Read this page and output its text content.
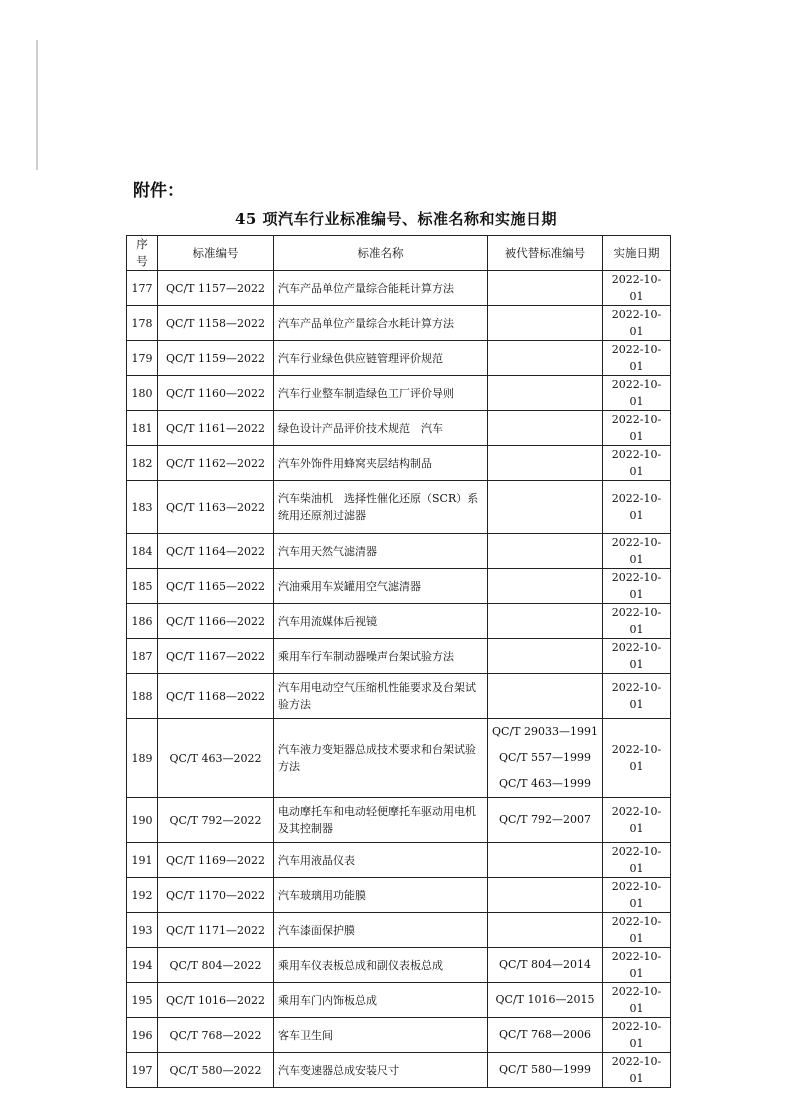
附件：
45 项汽车行业标准编号、标准名称和实施日期
序号	标准编号	标准名称	被代替标准编号	实施日期
177	QC/T 1157—2022	汽车产品单位产量综合能耗计算方法		2022-10-01
178	QC/T 1158—2022	汽车产品单位产量综合水耗计算方法		2022-10-01
179	QC/T 1159—2022	汽车行业绿色供应链管理评价规范		2022-10-01
180	QC/T 1160—2022	汽车行业整车制造绿色工厂评价导则		2022-10-01
181	QC/T 1161—2022	绿色设计产品评价技术规范　汽车		2022-10-01
182	QC/T 1162—2022	汽车外饰件用蜂窝夹层结构制品		2022-10-01
183	QC/T 1163—2022	汽车柴油机　选择性催化还原（SCR）系统用还原剂过滤器		2022-10-01
184	QC/T 1164—2022	汽车用天然气滤清器		2022-10-01
185	QC/T 1165—2022	汽油乘用车炭罐用空气滤清器		2022-10-01
186	QC/T 1166—2022	汽车用流媒体后视镜		2022-10-01
187	QC/T 1167—2022	乘用车行车制动器噪声台架试验方法		2022-10-01
188	QC/T 1168—2022	汽车用电动空气压缩机性能要求及台架试验方法		2022-10-01
189	QC/T 463—2022	汽车液力变矩器总成技术要求和台架试验方法	QC/T 29033—1991
QC/T 557—1999
QC/T 463—1999	2022-10-01
190	QC/T 792—2022	电动摩托车和电动轻便摩托车驱动用电机及其控制器	QC/T 792—2007	2022-10-01
191	QC/T 1169—2022	汽车用液晶仪表		2022-10-01
192	QC/T 1170—2022	汽车玻璃用功能膜		2022-10-01
193	QC/T 1171—2022	汽车漆面保护膜		2022-10-01
194	QC/T 804—2022	乘用车仪表板总成和副仪表板总成	QC/T 804—2014	2022-10-01
195	QC/T 1016—2022	乘用车门内饰板总成	QC/T 1016—2015	2022-10-01
196	QC/T 768—2022	客车卫生间	QC/T 768—2006	2022-10-01
197	QC/T 580—2022	汽车变速器总成安装尺寸	QC/T 580—1999	2022-10-01
